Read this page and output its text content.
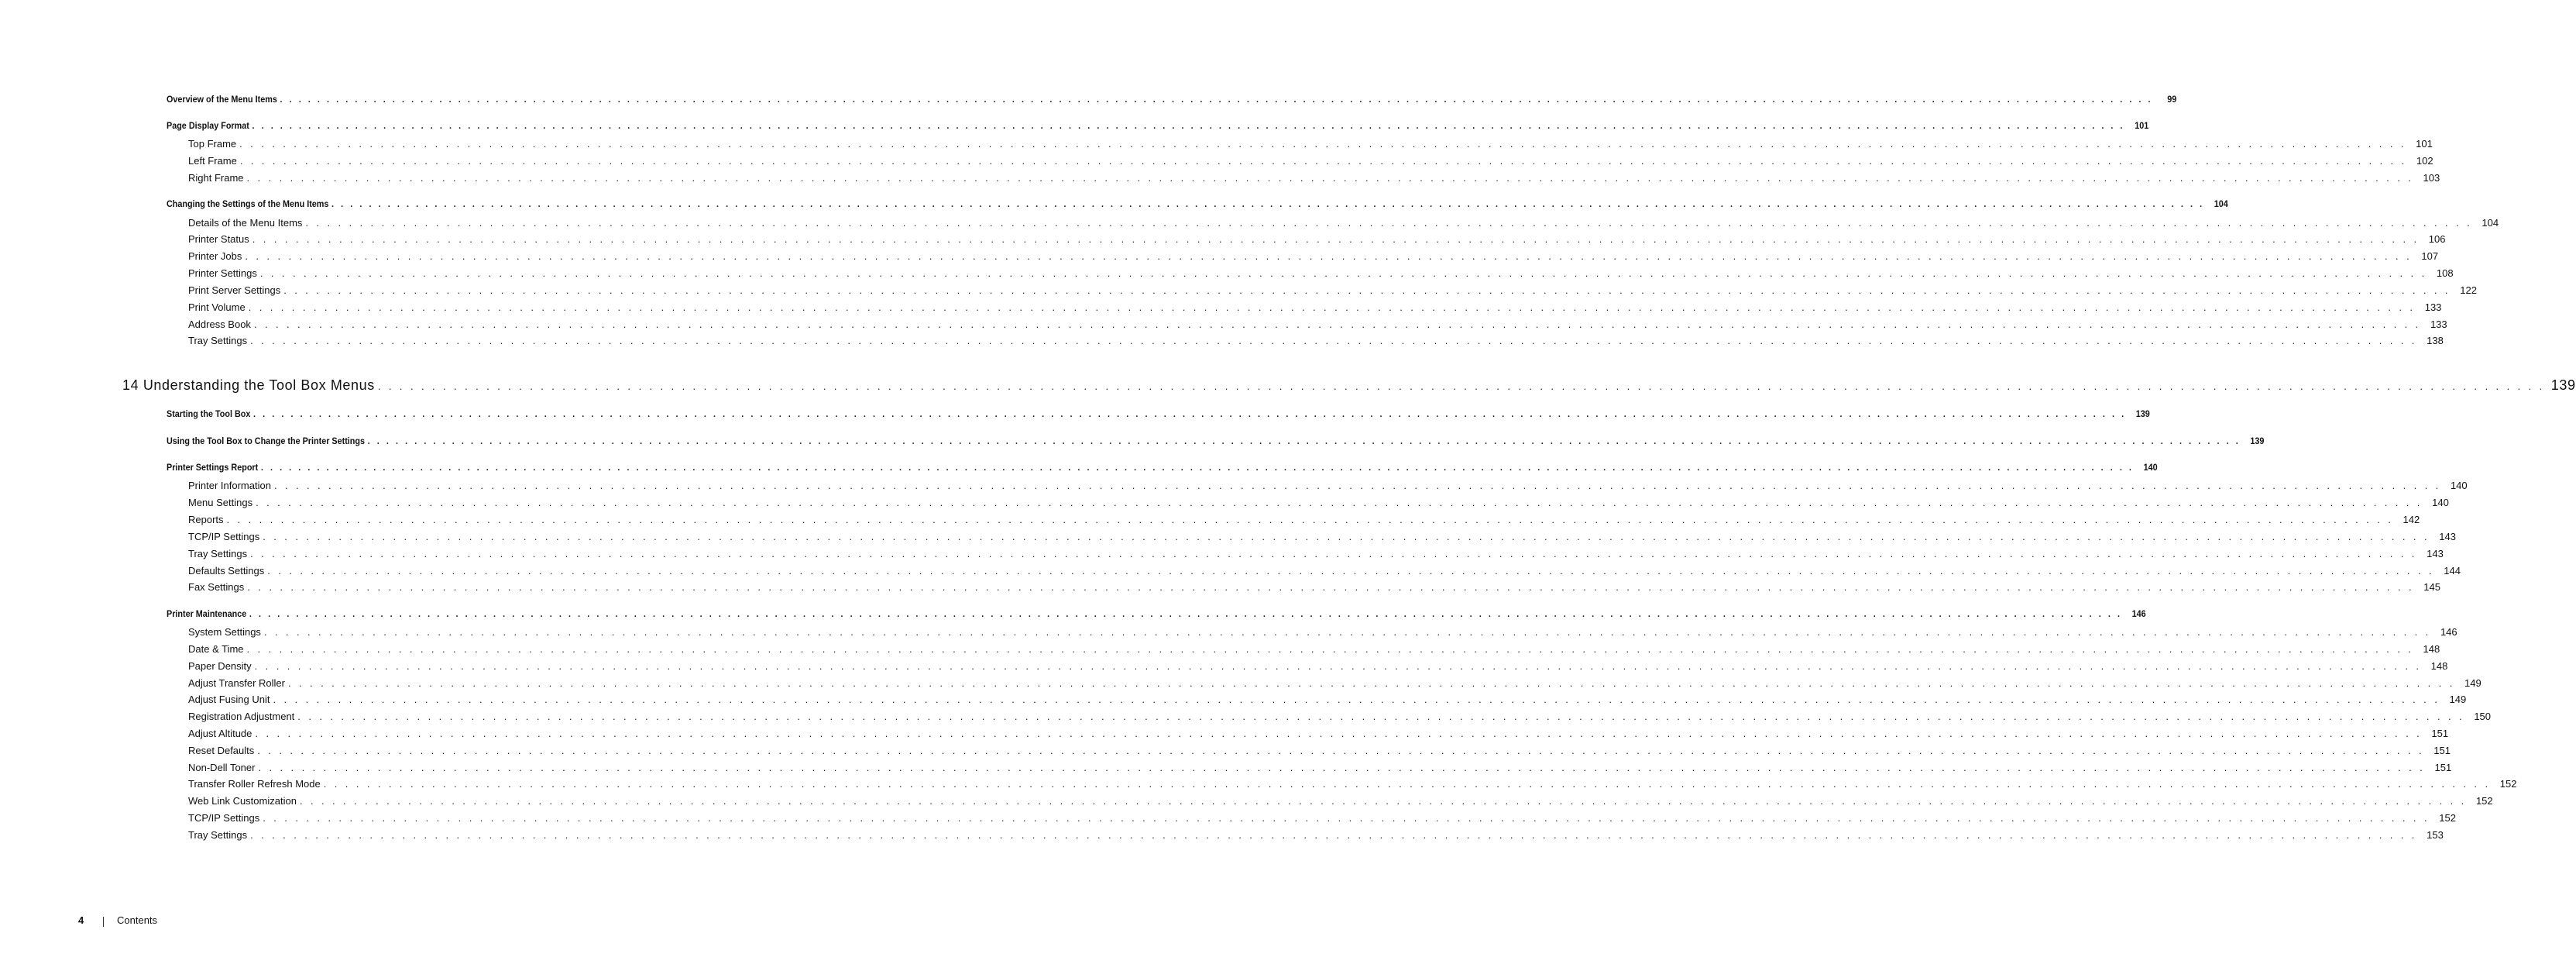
Overview of the Menu Items . . . . . . . . . . . . . . . . . . . . . . . . . . . . . . . . . . . . . . . . . . . . . . . . . . . . . . . . . . . . . . . . . . . . . . . . . . . . . . . . . . . . . . . . . . . . . . . . . . . . . . . . . . . . . . . . . . . . . . . . . . . . . . . . . . . . . . . . . . . . . . . . . . . . . . . . . . . . . . . . . . . . . . . . . . . . . . . . . . . . . . . . . . . . . . . . . . . . . . . .	99
Page Display Format . . . . . . . . . . . . . . . . . . . . . . . . . . . . . . . . . . . . . . . . . . . . . . . . . . . . . . . . . . . . . . . . . . . . . . . . . . . . . . . . . . . . . . . . . . . . . . . . . . . . . . . . . . . . . . . . . . . . . . . . . . . . . . . . . . . . . . . . . . . . . . . . . . . . . . . . . . . . . . . . . . . . . . . . . . . . . . . . . . . . . . . . . . . . . . . . . . . . . . . .	101
Top Frame . . . . . . . . . . . . . . . . . . . . . . . . . . . . . . . . . . . . . . . . . . . . . . . . . . . . . . . . . . . . . . . . . . . . . . . . . . . . . . . . . . . . . . . . . . . . . . . . . . . . . . . . . . . . . . . . . . . . . . . . . . . . . . . . . . . . . . . . . . . . . . . . . . . . . . . . . . . . . . . . . . . . . . . . . . . . . . . . . . . . . . . . . . . . . . . . . . . . . . . . 101
Left Frame . . . . . . . . . . . . . . . . . . . . . . . . . . . . . . . . . . . . . . . . . . . . . . . . . . . . . . . . . . . . . . . . . . . . . . . . . . . . . . . . . . . . . . . . . . . . . . . . . . . . . . . . . . . . . . . . . . . . . . . . . . . . . . . . . . . . . . . . . . . . . . . . . . . . . . . . . . . . . . . . . . . . . . . . . . . . . . . . . . . . . . . . . . . . . . . . . . . . . . . . 102
Right Frame . . . . . . . . . . . . . . . . . . . . . . . . . . . . . . . . . . . . . . . . . . . . . . . . . . . . . . . . . . . . . . . . . . . . . . . . . . . . . . . . . . . . . . . . . . . . . . . . . . . . . . . . . . . . . . . . . . . . . . . . . . . . . . . . . . . . . . . . . . . . . . . . . . . . . . . . . . . . . . . . . . . . . . . . . . . . . . . . . . . . . . . . . . . . . . . . . . . . . . . . 103
Changing the Settings of the Menu Items . . . . . . . . . . . . . . . . . . . . . . . . . . . . . . . . . . . . . . . . . . . . . . . . . . . . . . . . . . . . . . . . . . . . . . . . . . . . . . . . . . . . . . . . . . . . . . . . . . . . . . . . . . . . . . . . . . . . . . . . . . . . . . . . . . . . . . . . . . . . . . . . . . . . . . . . . . . . . . . . . . . . . . . . . . . . . . . . . . . . . . . . . . . . . . . . . . . . . . . .	104
Details of the Menu Items . . . . . . . . . . . . . . . . . . . . . . . . . . . . . . . . . . . . . . . . . . . . . . . . . . . . . . . . . . . . . . . . . . . . . . . . . . . . . . . . . . . . . . . . . . . . . . . . . . . . . . . . . . . . . . . . . . . . . . . . . . . . . . . . . . . . . . . . . . . . . . . . . . . . . . . . . . . . . . . . . . . . . . . . . . . . . . . . . . . . . . . . . . . . . . . . . . . . . . . . 104
Printer Status . . . . . . . . . . . . . . . . . . . . . . . . . . . . . . . . . . . . . . . . . . . . . . . . . . . . . . . . . . . . . . . . . . . . . . . . . . . . . . . . . . . . . . . . . . . . . . . . . . . . . . . . . . . . . . . . . . . . . . . . . . . . . . . . . . . . . . . . . . . . . . . . . . . . . . . . . . . . . . . . . . . . . . . . . . . . . . . . . . . . . . . . . . . . . . . . . . . . . . . . 106
Printer Jobs . . . . . . . . . . . . . . . . . . . . . . . . . . . . . . . . . . . . . . . . . . . . . . . . . . . . . . . . . . . . . . . . . . . . . . . . . . . . . . . . . . . . . . . . . . . . . . . . . . . . . . . . . . . . . . . . . . . . . . . . . . . . . . . . . . . . . . . . . . . . . . . . . . . . . . . . . . . . . . . . . . . . . . . . . . . . . . . . . . . . . . . . . . . . . . . . . . . . . . . . 107
Printer Settings . . . . . . . . . . . . . . . . . . . . . . . . . . . . . . . . . . . . . . . . . . . . . . . . . . . . . . . . . . . . . . . . . . . . . . . . . . . . . . . . . . . . . . . . . . . . . . . . . . . . . . . . . . . . . . . . . . . . . . . . . . . . . . . . . . . . . . . . . . . . . . . . . . . . . . . . . . . . . . . . . . . . . . . . . . . . . . . . . . . . . . . . . . . . . . . . . . . . . . . . 108
Print Server Settings . . . . . . . . . . . . . . . . . . . . . . . . . . . . . . . . . . . . . . . . . . . . . . . . . . . . . . . . . . . . . . . . . . . . . . . . . . . . . . . . . . . . . . . . . . . . . . . . . . . . . . . . . . . . . . . . . . . . . . . . . . . . . . . . . . . . . . . . . . . . . . . . . . . . . . . . . . . . . . . . . . . . . . . . . . . . . . . . . . . . . . . . . . . . . . . . . . . . . . . . 122
Print Volume . . . . . . . . . . . . . . . . . . . . . . . . . . . . . . . . . . . . . . . . . . . . . . . . . . . . . . . . . . . . . . . . . . . . . . . . . . . . . . . . . . . . . . . . . . . . . . . . . . . . . . . . . . . . . . . . . . . . . . . . . . . . . . . . . . . . . . . . . . . . . . . . . . . . . . . . . . . . . . . . . . . . . . . . . . . . . . . . . . . . . . . . . . . . . . . . . . . . . . . . 133
Address Book . . . . . . . . . . . . . . . . . . . . . . . . . . . . . . . . . . . . . . . . . . . . . . . . . . . . . . . . . . . . . . . . . . . . . . . . . . . . . . . . . . . . . . . . . . . . . . . . . . . . . . . . . . . . . . . . . . . . . . . . . . . . . . . . . . . . . . . . . . . . . . . . . . . . . . . . . . . . . . . . . . . . . . . . . . . . . . . . . . . . . . . . . . . . . . . . . . . . . . . . 133
Tray Settings . . . . . . . . . . . . . . . . . . . . . . . . . . . . . . . . . . . . . . . . . . . . . . . . . . . . . . . . . . . . . . . . . . . . . . . . . . . . . . . . . . . . . . . . . . . . . . . . . . . . . . . . . . . . . . . . . . . . . . . . . . . . . . . . . . . . . . . . . . . . . . . . . . . . . . . . . . . . . . . . . . . . . . . . . . . . . . . . . . . . . . . . . . . . . . . . . . . . . . . . 138
14 Understanding the Tool Box Menus . . . . . . . . . . . . . . . . . . . . . . . . . . . . . . . . . . . . . . . . . . . . . . . . . . . . . . . . . . . . . . . . . . . . . . . . . . . . . . . . . . . . . . . . . . . . . . . . . . . . . . . . . . . . . . . . . . . . . . . . . . . . . . . . . . . . . . . . . . . . . . . . . . . . . . . . . . . . . . . . . . . . . . . . . . . . . . . . . . . . . . . . . . . . . . . . . . . . . . . . 139
Starting the Tool Box . . . . . . . . . . . . . . . . . . . . . . . . . . . . . . . . . . . . . . . . . . . . . . . . . . . . . . . . . . . . . . . . . . . . . . . . . . . . . . . . . . . . . . . . . . . . . . . . . . . . . . . . . . . . . . . . . . . . . . . . . . . . . . . . . . . . . . . . . . . . . . . . . . . . . . . . . . . . . . . . . . . . . . . . . . . . . . . . . . . . . . . . . . . . . . . . . . . . . . . .	139
Using the Tool Box to Change the Printer Settings . . . . . . . . . . . . . . . . . . . . . . . . . . . . . . . . . . . . . . . . . . . . . . . . . . . . . . . . . . . . . . . . . . . . . . . . . . . . . . . . . . . . . . . . . . . . . . . . . . . . . . . . . . . . . . . . . . . . . . . . . . . . . . . . . . . . . . . . . . . . . . . . . . . . . . . . . . . . . . . . . . . . . . . . . . . . . . . . . . . . . . . . . . . . . . . . . . . . . . . .	139
Printer Settings Report . . . . . . . . . . . . . . . . . . . . . . . . . . . . . . . . . . . . . . . . . . . . . . . . . . . . . . . . . . . . . . . . . . . . . . . . . . . . . . . . . . . . . . . . . . . . . . . . . . . . . . . . . . . . . . . . . . . . . . . . . . . . . . . . . . . . . . . . . . . . . . . . . . . . . . . . . . . . . . . . . . . . . . . . . . . . . . . . . . . . . . . . . . . . . . . . . . . . . . . .	140
Printer Information . . . . . . . . . . . . . . . . . . . . . . . . . . . . . . . . . . . . . . . . . . . . . . . . . . . . . . . . . . . . . . . . . . . . . . . . . . . . . . . . . . . . . . . . . . . . . . . . . . . . . . . . . . . . . . . . . . . . . . . . . . . . . . . . . . . . . . . . . . . . . . . . . . . . . . . . . . . . . . . . . . . . . . . . . . . . . . . . . . . . . . . . . . . . . . . . . . . . . . . . 140
Menu Settings . . . . . . . . . . . . . . . . . . . . . . . . . . . . . . . . . . . . . . . . . . . . . . . . . . . . . . . . . . . . . . . . . . . . . . . . . . . . . . . . . . . . . . . . . . . . . . . . . . . . . . . . . . . . . . . . . . . . . . . . . . . . . . . . . . . . . . . . . . . . . . . . . . . . . . . . . . . . . . . . . . . . . . . . . . . . . . . . . . . . . . . . . . . . . . . . . . . . . . . . 140
Reports . . . . . . . . . . . . . . . . . . . . . . . . . . . . . . . . . . . . . . . . . . . . . . . . . . . . . . . . . . . . . . . . . . . . . . . . . . . . . . . . . . . . . . . . . . . . . . . . . . . . . . . . . . . . . . . . . . . . . . . . . . . . . . . . . . . . . . . . . . . . . . . . . . . . . . . . . . . . . . . . . . . . . . . . . . . . . . . . . . . . . . . . . . . . . . . . . . . . . . . . 142
TCP/IP Settings . . . . . . . . . . . . . . . . . . . . . . . . . . . . . . . . . . . . . . . . . . . . . . . . . . . . . . . . . . . . . . . . . . . . . . . . . . . . . . . . . . . . . . . . . . . . . . . . . . . . . . . . . . . . . . . . . . . . . . . . . . . . . . . . . . . . . . . . . . . . . . . . . . . . . . . . . . . . . . . . . . . . . . . . . . . . . . . . . . . . . . . . . . . . . . . . . . . . . . . . 143
Tray Settings . . . . . . . . . . . . . . . . . . . . . . . . . . . . . . . . . . . . . . . . . . . . . . . . . . . . . . . . . . . . . . . . . . . . . . . . . . . . . . . . . . . . . . . . . . . . . . . . . . . . . . . . . . . . . . . . . . . . . . . . . . . . . . . . . . . . . . . . . . . . . . . . . . . . . . . . . . . . . . . . . . . . . . . . . . . . . . . . . . . . . . . . . . . . . . . . . . . . . . . . 143
Defaults Settings . . . . . . . . . . . . . . . . . . . . . . . . . . . . . . . . . . . . . . . . . . . . . . . . . . . . . . . . . . . . . . . . . . . . . . . . . . . . . . . . . . . . . . . . . . . . . . . . . . . . . . . . . . . . . . . . . . . . . . . . . . . . . . . . . . . . . . . . . . . . . . . . . . . . . . . . . . . . . . . . . . . . . . . . . . . . . . . . . . . . . . . . . . . . . . . . . . . . . . . . 144
Fax Settings . . . . . . . . . . . . . . . . . . . . . . . . . . . . . . . . . . . . . . . . . . . . . . . . . . . . . . . . . . . . . . . . . . . . . . . . . . . . . . . . . . . . . . . . . . . . . . . . . . . . . . . . . . . . . . . . . . . . . . . . . . . . . . . . . . . . . . . . . . . . . . . . . . . . . . . . . . . . . . . . . . . . . . . . . . . . . . . . . . . . . . . . . . . . . . . . . . . . . . . . 145
Printer Maintenance . . . . . . . . . . . . . . . . . . . . . . . . . . . . . . . . . . . . . . . . . . . . . . . . . . . . . . . . . . . . . . . . . . . . . . . . . . . . . . . . . . . . . . . . . . . . . . . . . . . . . . . . . . . . . . . . . . . . . . . . . . . . . . . . . . . . . . . . . . . . . . . . . . . . . . . . . . . . . . . . . . . . . . . . . . . . . . . . . . . . . . . . . . . . . . . . . . . . . . . .	146
System Settings . . . . . . . . . . . . . . . . . . . . . . . . . . . . . . . . . . . . . . . . . . . . . . . . . . . . . . . . . . . . . . . . . . . . . . . . . . . . . . . . . . . . . . . . . . . . . . . . . . . . . . . . . . . . . . . . . . . . . . . . . . . . . . . . . . . . . . . . . . . . . . . . . . . . . . . . . . . . . . . . . . . . . . . . . . . . . . . . . . . . . . . . . . . . . . . . . . . . . . . . 146
Date & Time . . . . . . . . . . . . . . . . . . . . . . . . . . . . . . . . . . . . . . . . . . . . . . . . . . . . . . . . . . . . . . . . . . . . . . . . . . . . . . . . . . . . . . . . . . . . . . . . . . . . . . . . . . . . . . . . . . . . . . . . . . . . . . . . . . . . . . . . . . . . . . . . . . . . . . . . . . . . . . . . . . . . . . . . . . . . . . . . . . . . . . . . . . . . . . . . . . . . . . . . 148
Paper Density . . . . . . . . . . . . . . . . . . . . . . . . . . . . . . . . . . . . . . . . . . . . . . . . . . . . . . . . . . . . . . . . . . . . . . . . . . . . . . . . . . . . . . . . . . . . . . . . . . . . . . . . . . . . . . . . . . . . . . . . . . . . . . . . . . . . . . . . . . . . . . . . . . . . . . . . . . . . . . . . . . . . . . . . . . . . . . . . . . . . . . . . . . . . . . . . . . . . . . . . 148
Adjust Transfer Roller . . . . . . . . . . . . . . . . . . . . . . . . . . . . . . . . . . . . . . . . . . . . . . . . . . . . . . . . . . . . . . . . . . . . . . . . . . . . . . . . . . . . . . . . . . . . . . . . . . . . . . . . . . . . . . . . . . . . . . . . . . . . . . . . . . . . . . . . . . . . . . . . . . . . . . . . . . . . . . . . . . . . . . . . . . . . . . . . . . . . . . . . . . . . . . . . . . . . . . . . 149
Adjust Fusing Unit . . . . . . . . . . . . . . . . . . . . . . . . . . . . . . . . . . . . . . . . . . . . . . . . . . . . . . . . . . . . . . . . . . . . . . . . . . . . . . . . . . . . . . . . . . . . . . . . . . . . . . . . . . . . . . . . . . . . . . . . . . . . . . . . . . . . . . . . . . . . . . . . . . . . . . . . . . . . . . . . . . . . . . . . . . . . . . . . . . . . . . . . . . . . . . . . . . . . . . . . 149
Registration Adjustment . . . . . . . . . . . . . . . . . . . . . . . . . . . . . . . . . . . . . . . . . . . . . . . . . . . . . . . . . . . . . . . . . . . . . . . . . . . . . . . . . . . . . . . . . . . . . . . . . . . . . . . . . . . . . . . . . . . . . . . . . . . . . . . . . . . . . . . . . . . . . . . . . . . . . . . . . . . . . . . . . . . . . . . . . . . . . . . . . . . . . . . . . . . . . . . . . . . . . . . . 150
Adjust Altitude . . . . . . . . . . . . . . . . . . . . . . . . . . . . . . . . . . . . . . . . . . . . . . . . . . . . . . . . . . . . . . . . . . . . . . . . . . . . . . . . . . . . . . . . . . . . . . . . . . . . . . . . . . . . . . . . . . . . . . . . . . . . . . . . . . . . . . . . . . . . . . . . . . . . . . . . . . . . . . . . . . . . . . . . . . . . . . . . . . . . . . . . . . . . . . . . . . . . . . . . 151
Reset Defaults . . . . . . . . . . . . . . . . . . . . . . . . . . . . . . . . . . . . . . . . . . . . . . . . . . . . . . . . . . . . . . . . . . . . . . . . . . . . . . . . . . . . . . . . . . . . . . . . . . . . . . . . . . . . . . . . . . . . . . . . . . . . . . . . . . . . . . . . . . . . . . . . . . . . . . . . . . . . . . . . . . . . . . . . . . . . . . . . . . . . . . . . . . . . . . . . . . . . . . . . 151
Non-Dell Toner . . . . . . . . . . . . . . . . . . . . . . . . . . . . . . . . . . . . . . . . . . . . . . . . . . . . . . . . . . . . . . . . . . . . . . . . . . . . . . . . . . . . . . . . . . . . . . . . . . . . . . . . . . . . . . . . . . . . . . . . . . . . . . . . . . . . . . . . . . . . . . . . . . . . . . . . . . . . . . . . . . . . . . . . . . . . . . . . . . . . . . . . . . . . . . . . . . . . . . . . 151
Transfer Roller Refresh Mode . . . . . . . . . . . . . . . . . . . . . . . . . . . . . . . . . . . . . . . . . . . . . . . . . . . . . . . . . . . . . . . . . . . . . . . . . . . . . . . . . . . . . . . . . . . . . . . . . . . . . . . . . . . . . . . . . . . . . . . . . . . . . . . . . . . . . . . . . . . . . . . . . . . . . . . . . . . . . . . . . . . . . . . . . . . . . . . . . . . . . . . . . . . . . . . . . . . . . . . . 152
Web Link Customization . . . . . . . . . . . . . . . . . . . . . . . . . . . . . . . . . . . . . . . . . . . . . . . . . . . . . . . . . . . . . . . . . . . . . . . . . . . . . . . . . . . . . . . . . . . . . . . . . . . . . . . . . . . . . . . . . . . . . . . . . . . . . . . . . . . . . . . . . . . . . . . . . . . . . . . . . . . . . . . . . . . . . . . . . . . . . . . . . . . . . . . . . . . . . . . . . . . . . . . . 152
TCP/IP Settings . . . . . . . . . . . . . . . . . . . . . . . . . . . . . . . . . . . . . . . . . . . . . . . . . . . . . . . . . . . . . . . . . . . . . . . . . . . . . . . . . . . . . . . . . . . . . . . . . . . . . . . . . . . . . . . . . . . . . . . . . . . . . . . . . . . . . . . . . . . . . . . . . . . . . . . . . . . . . . . . . . . . . . . . . . . . . . . . . . . . . . . . . . . . . . . . . . . . . . . . 152
Tray Settings . . . . . . . . . . . . . . . . . . . . . . . . . . . . . . . . . . . . . . . . . . . . . . . . . . . . . . . . . . . . . . . . . . . . . . . . . . . . . . . . . . . . . . . . . . . . . . . . . . . . . . . . . . . . . . . . . . . . . . . . . . . . . . . . . . . . . . . . . . . . . . . . . . . . . . . . . . . . . . . . . . . . . . . . . . . . . . . . . . . . . . . . . . . . . . . . . . . . . . . . 153
4	Contents
